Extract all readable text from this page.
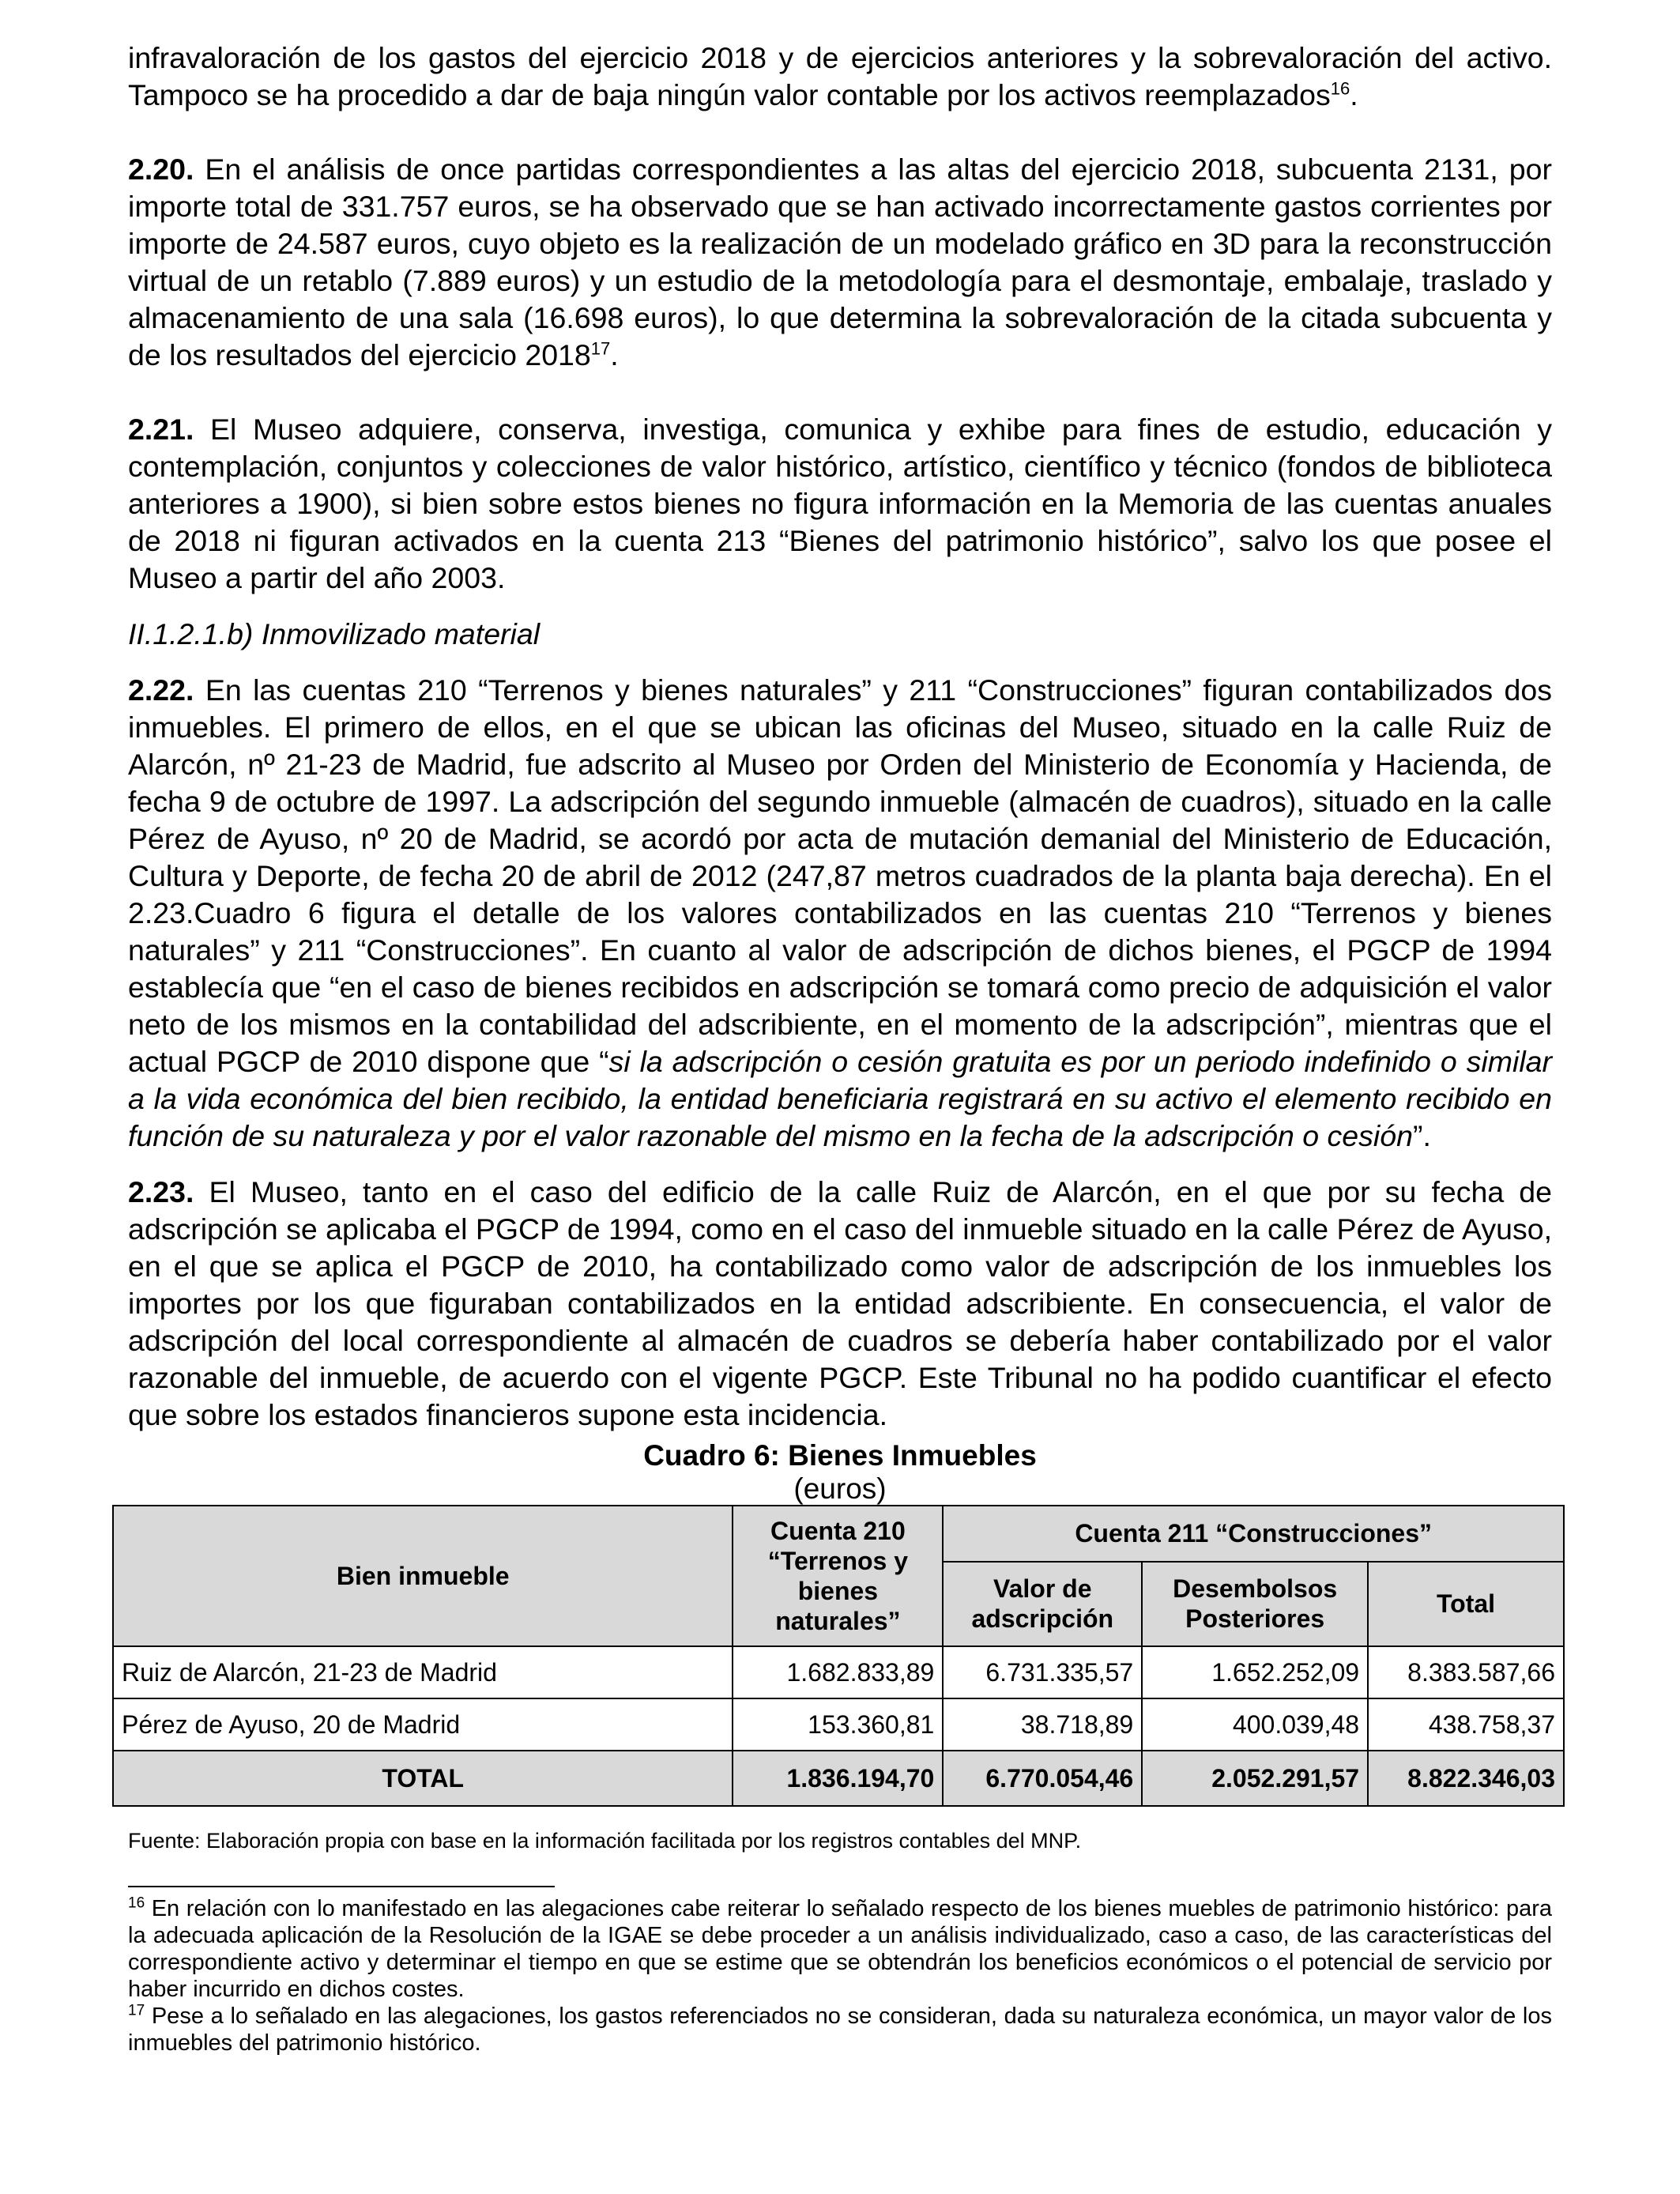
infravaloración de los gastos del ejercicio 2018 y de ejercicios anteriores y la sobrevaloración del activo. Tampoco se ha procedido a dar de baja ningún valor contable por los activos reemplazados$^{16}$.

2.20. En el análisis de once partidas correspondientes a las altas del ejercicio 2018, subcuenta 2131, por importe total de 331.757 euros, se ha observado que se han activado incorrectamente gastos corrientes por importe de 24.587 euros, cuyo objeto es la realización de un modelado gráfico en 3D para la reconstrucción virtual de un retablo (7.889 euros) y un estudio de la metodología para el desmontaje, embalaje, traslado y almacenamiento de una sala (16.698 euros), lo que determina la sobrevaloración de la citada subcuenta y de los resultados del ejercicio 2018$^{17}$.

2.21. El Museo adquiere, conserva, investiga, comunica y exhibe para fines de estudio, educación y contemplación, conjuntos y colecciones de valor histórico, artístico, científico y técnico (fondos de biblioteca anteriores a 1900), si bien sobre estos bienes no figura información en la Memoria de las cuentas anuales de 2018 ni figuran activados en la cuenta 213 “Bienes del patrimonio histórico”, salvo los que posee el Museo a partir del año 2003.

II.1.2.1.b) Inmovilizado material

2.22. En las cuentas 210 “Terrenos y bienes naturales” y 211 “Construcciones” figuran contabilizados dos inmuebles. El primero de ellos, en el que se ubican las oficinas del Museo, situado en la calle Ruiz de Alarcón, nº 21-23 de Madrid, fue adscrito al Museo por Orden del Ministerio de Economía y Hacienda, de fecha 9 de octubre de 1997. La adscripción del segundo inmueble (almacén de cuadros), situado en la calle Pérez de Ayuso, nº 20 de Madrid, se acordó por acta de mutación demanial del Ministerio de Educación, Cultura y Deporte, de fecha 20 de abril de 2012 (247,87 metros cuadrados de la planta baja derecha). En el 2.23.Cuadro 6 figura el detalle de los valores contabilizados en las cuentas 210 “Terrenos y bienes naturales” y 211 “Construcciones”. En cuanto al valor de adscripción de dichos bienes, el PGCP de 1994 establecía que “en el caso de bienes recibidos en adscripción se tomará como precio de adquisición el valor neto de los mismos en la contabilidad del adscribiente, en el momento de la adscripción”, mientras que el actual PGCP de 2010 dispone que “si la adscripción o cesión gratuita es por un periodo indefinido o similar a la vida económica del bien recibido, la entidad beneficiaria registrará en su activo el elemento recibido en función de su naturaleza y por el valor razonable del mismo en la fecha de la adscripción o cesión”.

2.23. El Museo, tanto en el caso del edificio de la calle Ruiz de Alarcón, en el que por su fecha de adscripción se aplicaba el PGCP de 1994, como en el caso del inmueble situado en la calle Pérez de Ayuso, en el que se aplica el PGCP de 2010, ha contabilizado como valor de adscripción de los inmuebles los importes por los que figuraban contabilizados en la entidad adscribiente. En consecuencia, el valor de adscripción del local correspondiente al almacén de cuadros se debería haber contabilizado por el valor razonable del inmueble, de acuerdo con el vigente PGCP. Este Tribunal no ha podido cuantificar el efecto que sobre los estados financieros supone esta incidencia.

Cuadro 6: Bienes Inmuebles
(euros)
Bien inmueble	Cuenta 210 “Terrenos y bienes naturales”	Cuenta 211 “Construcciones”		
		Valor de adscripción	Desembolsos Posteriores	Total
Ruiz de Alarcón, 21-23 de Madrid	1.682.833,89	6.731.335,57	1.652.252,09	8.383.587,66
Pérez de Ayuso, 20 de Madrid	153.360,81	38.718,89	400.039,48	438.758,37
TOTAL	1.836.194,70	6.770.054,46	2.052.291,57	8.822.346,03
Fuente: Elaboración propia con base en la información facilitada por los registros contables del MNP.

$^{16}$ En relación con lo manifestado en las alegaciones cabe reiterar lo señalado respecto de los bienes muebles de patrimonio histórico: para la adecuada aplicación de la Resolución de la IGAE se debe proceder a un análisis individualizado, caso a caso, de las características del correspondiente activo y determinar el tiempo en que se estime que se obtendrán los beneficios económicos o el potencial de servicio por haber incurrido en dichos costes.

$^{17}$ Pese a lo señalado en las alegaciones, los gastos referenciados no se consideran, dada su naturaleza económica, un mayor valor de los inmuebles del patrimonio histórico.
